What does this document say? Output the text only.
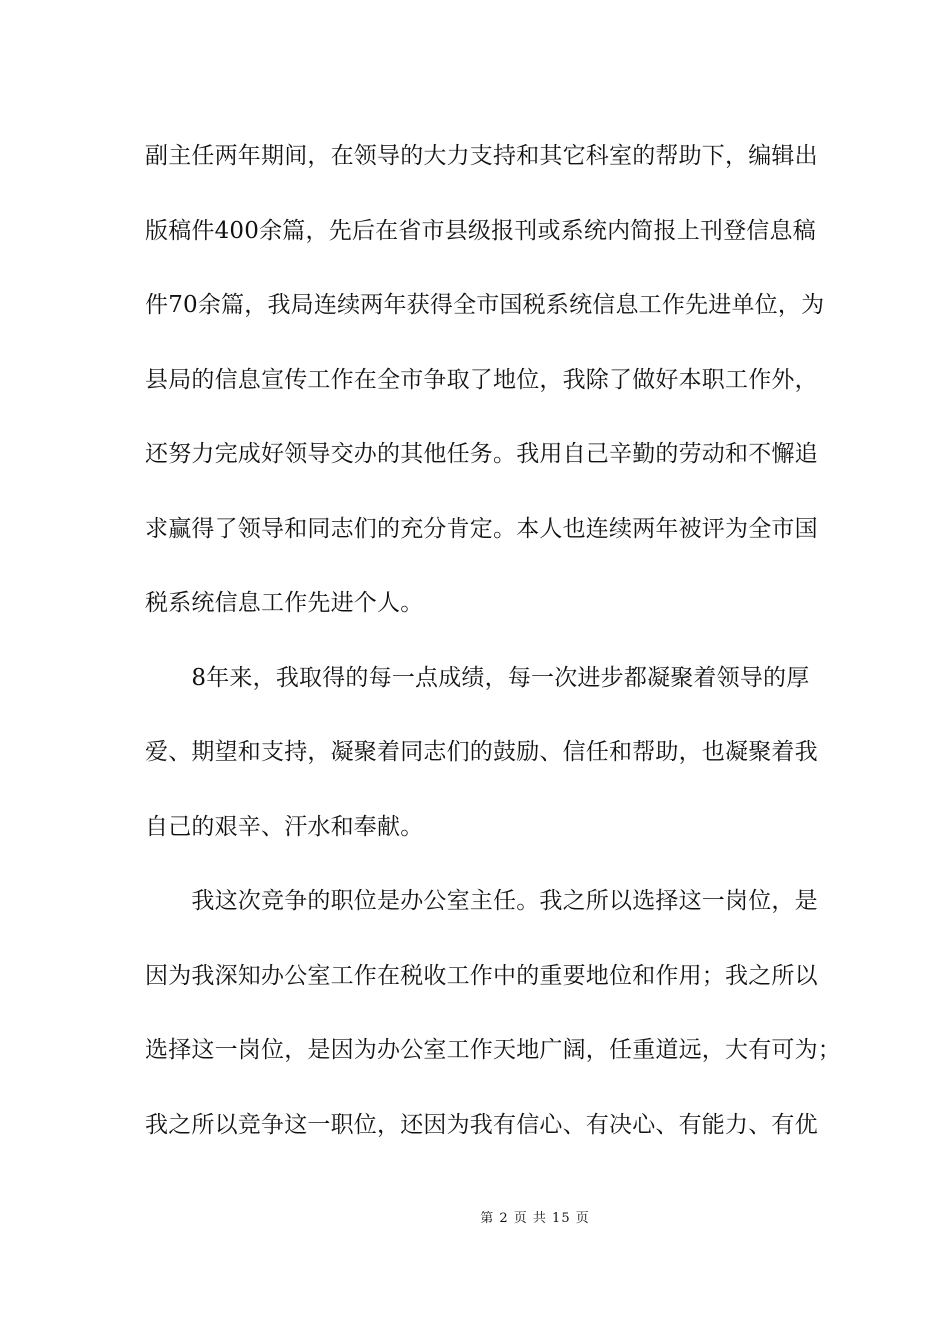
副主任两年期间，在领导的大力支持和其它科室的帮助下，编辑出
版稿件400余篇，先后在省市县级报刊或系统内简报上刊登信息稿
件70余篇，我局连续两年获得全市国税系统信息工作先进单位，为
县局的信息宣传工作在全市争取了地位，我除了做好本职工作外，
还努力完成好领导交办的其他任务。我用自己辛勤的劳动和不懈追
求赢得了领导和同志们的充分肯定。本人也连续两年被评为全市国
税系统信息工作先进个人。
　　8年来，我取得的每一点成绩，每一次进步都凝聚着领导的厚
爱、期望和支持，凝聚着同志们的鼓励、信任和帮助，也凝聚着我
自己的艰辛、汗水和奉献。
　　我这次竞争的职位是办公室主任。我之所以选择这一岗位，是
因为我深知办公室工作在税收工作中的重要地位和作用；我之所以
选择这一岗位，是因为办公室工作天地广阔，任重道远，大有可为；
我之所以竞争这一职位，还因为我有信心、有决心、有能力、有优
第 2 页 共 15 页
